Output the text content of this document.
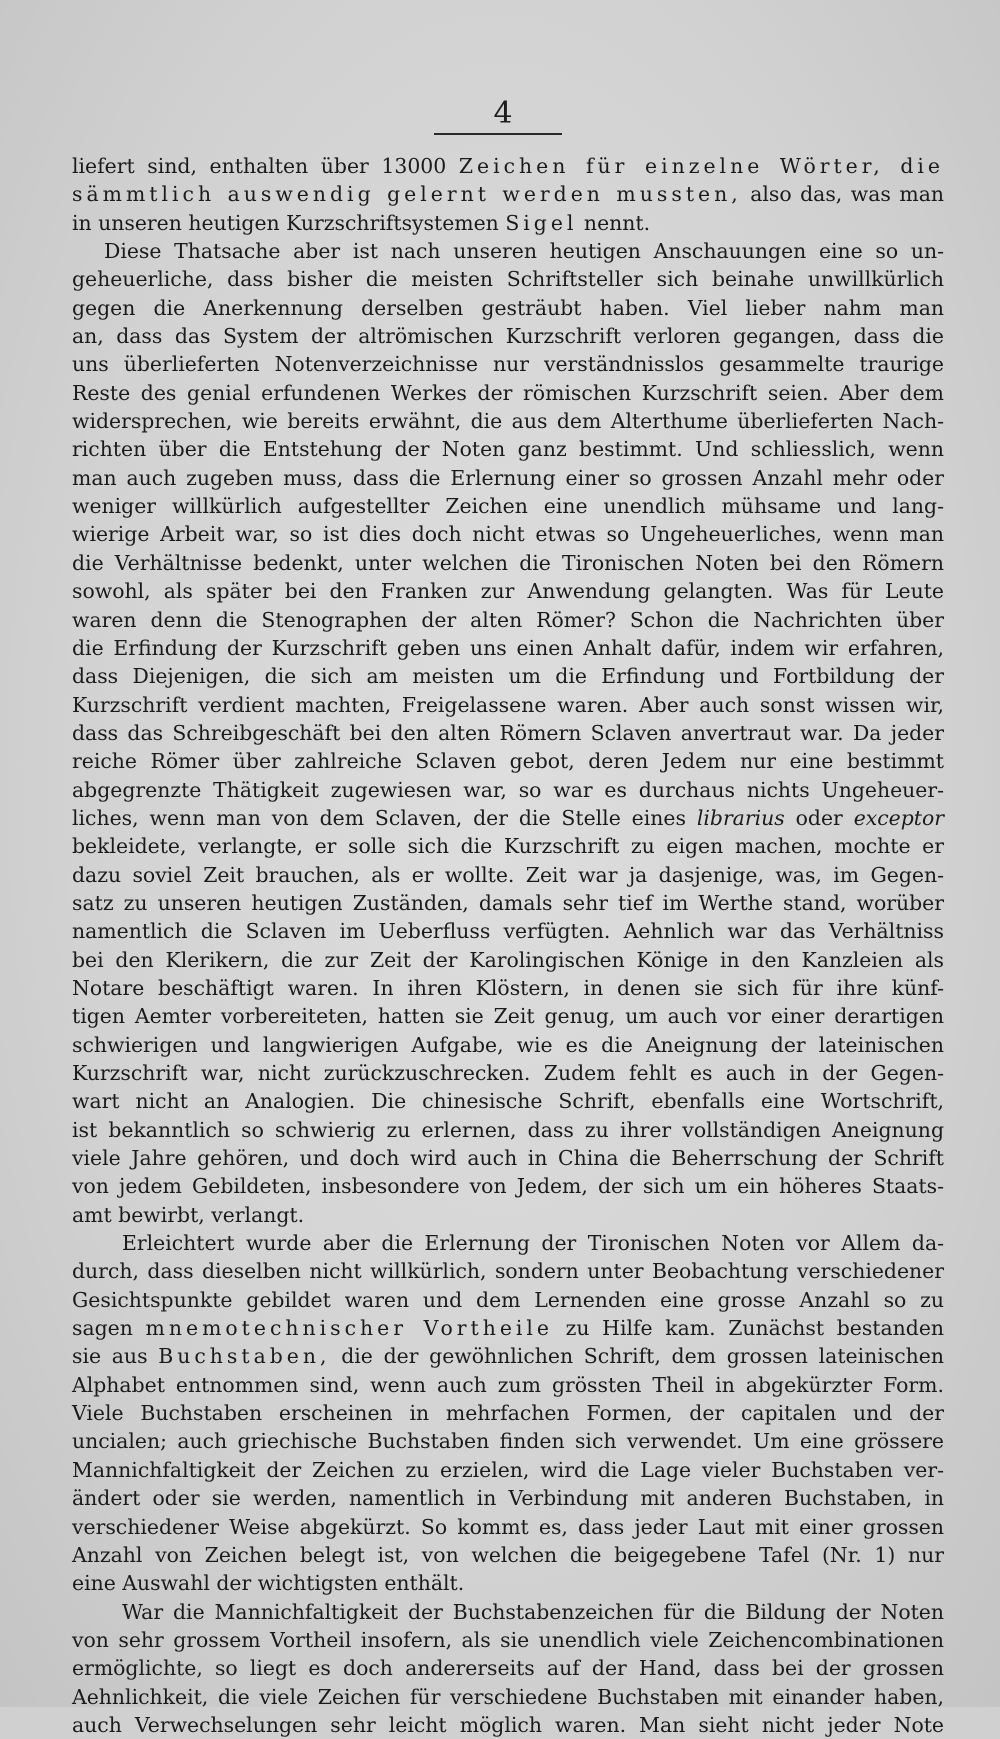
4
liefert sind, enthalten über 13000 Zeichen für einzelne Wörter, die
sämmtlich auswendig gelernt werden mussten, also das, was man
in unseren heutigen Kurzschriftsystemen Sigel nennt.
Diese Thatsache aber ist nach unseren heutigen Anschauungen eine so un-
geheuerliche, dass bisher die meisten Schriftsteller sich beinahe unwillkürlich
gegen die Anerkennung derselben gesträubt haben. Viel lieber nahm man
an, dass das System der altrömischen Kurzschrift verloren gegangen, dass die
uns überlieferten Notenverzeichnisse nur verständnisslos gesammelte traurige
Reste des genial erfundenen Werkes der römischen Kurzschrift seien. Aber dem
widersprechen, wie bereits erwähnt, die aus dem Alterthume überlieferten Nach-
richten über die Entstehung der Noten ganz bestimmt. Und schliesslich, wenn
man auch zugeben muss, dass die Erlernung einer so grossen Anzahl mehr oder
weniger willkürlich aufgestellter Zeichen eine unendlich mühsame und lang-
wierige Arbeit war, so ist dies doch nicht etwas so Ungeheuerliches, wenn man
die Verhältnisse bedenkt, unter welchen die Tironischen Noten bei den Römern
sowohl, als später bei den Franken zur Anwendung gelangten. Was für Leute
waren denn die Stenographen der alten Römer? Schon die Nachrichten über
die Erfindung der Kurzschrift geben uns einen Anhalt dafür, indem wir erfahren,
dass Diejenigen, die sich am meisten um die Erfindung und Fortbildung der
Kurzschrift verdient machten, Freigelassene waren. Aber auch sonst wissen wir,
dass das Schreibgeschäft bei den alten Römern Sclaven anvertraut war. Da jeder
reiche Römer über zahlreiche Sclaven gebot, deren Jedem nur eine bestimmt
abgegrenzte Thätigkeit zugewiesen war, so war es durchaus nichts Ungeheuer-
liches, wenn man von dem Sclaven, der die Stelle eines librarius oder exceptor
bekleidete, verlangte, er solle sich die Kurzschrift zu eigen machen, mochte er
dazu soviel Zeit brauchen, als er wollte. Zeit war ja dasjenige, was, im Gegen-
satz zu unseren heutigen Zuständen, damals sehr tief im Werthe stand, worüber
namentlich die Sclaven im Ueberfluss verfügten. Aehnlich war das Verhältniss
bei den Klerikern, die zur Zeit der Karolingischen Könige in den Kanzleien als
Notare beschäftigt waren. In ihren Klöstern, in denen sie sich für ihre künf-
tigen Aemter vorbereiteten, hatten sie Zeit genug, um auch vor einer derartigen
schwierigen und langwierigen Aufgabe, wie es die Aneignung der lateinischen
Kurzschrift war, nicht zurückzuschrecken. Zudem fehlt es auch in der Gegen-
wart nicht an Analogien. Die chinesische Schrift, ebenfalls eine Wortschrift,
ist bekanntlich so schwierig zu erlernen, dass zu ihrer vollständigen Aneignung
viele Jahre gehören, und doch wird auch in China die Beherrschung der Schrift
von jedem Gebildeten, insbesondere von Jedem, der sich um ein höheres Staats-
amt bewirbt, verlangt.
Erleichtert wurde aber die Erlernung der Tironischen Noten vor Allem da-
durch, dass dieselben nicht willkürlich, sondern unter Beobachtung verschiedener
Gesichtspunkte gebildet waren und dem Lernenden eine grosse Anzahl so zu
sagen mnemotechnischer Vortheile zu Hilfe kam. Zunächst bestanden
sie aus Buchstaben, die der gewöhnlichen Schrift, dem grossen lateinischen
Alphabet entnommen sind, wenn auch zum grössten Theil in abgekürzter Form.
Viele Buchstaben erscheinen in mehrfachen Formen, der capitalen und der
uncialen; auch griechische Buchstaben finden sich verwendet. Um eine grössere
Mannichfaltigkeit der Zeichen zu erzielen, wird die Lage vieler Buchstaben ver-
ändert oder sie werden, namentlich in Verbindung mit anderen Buchstaben, in
verschiedener Weise abgekürzt. So kommt es, dass jeder Laut mit einer grossen
Anzahl von Zeichen belegt ist, von welchen die beigegebene Tafel (Nr. 1) nur
eine Auswahl der wichtigsten enthält.
War die Mannichfaltigkeit der Buchstabenzeichen für die Bildung der Noten
von sehr grossem Vortheil insofern, als sie unendlich viele Zeichencombinationen
ermöglichte, so liegt es doch andererseits auf der Hand, dass bei der grossen
Aehnlichkeit, die viele Zeichen für verschiedene Buchstaben mit einander haben,
auch Verwechselungen sehr leicht möglich waren. Man sieht nicht jeder Note
